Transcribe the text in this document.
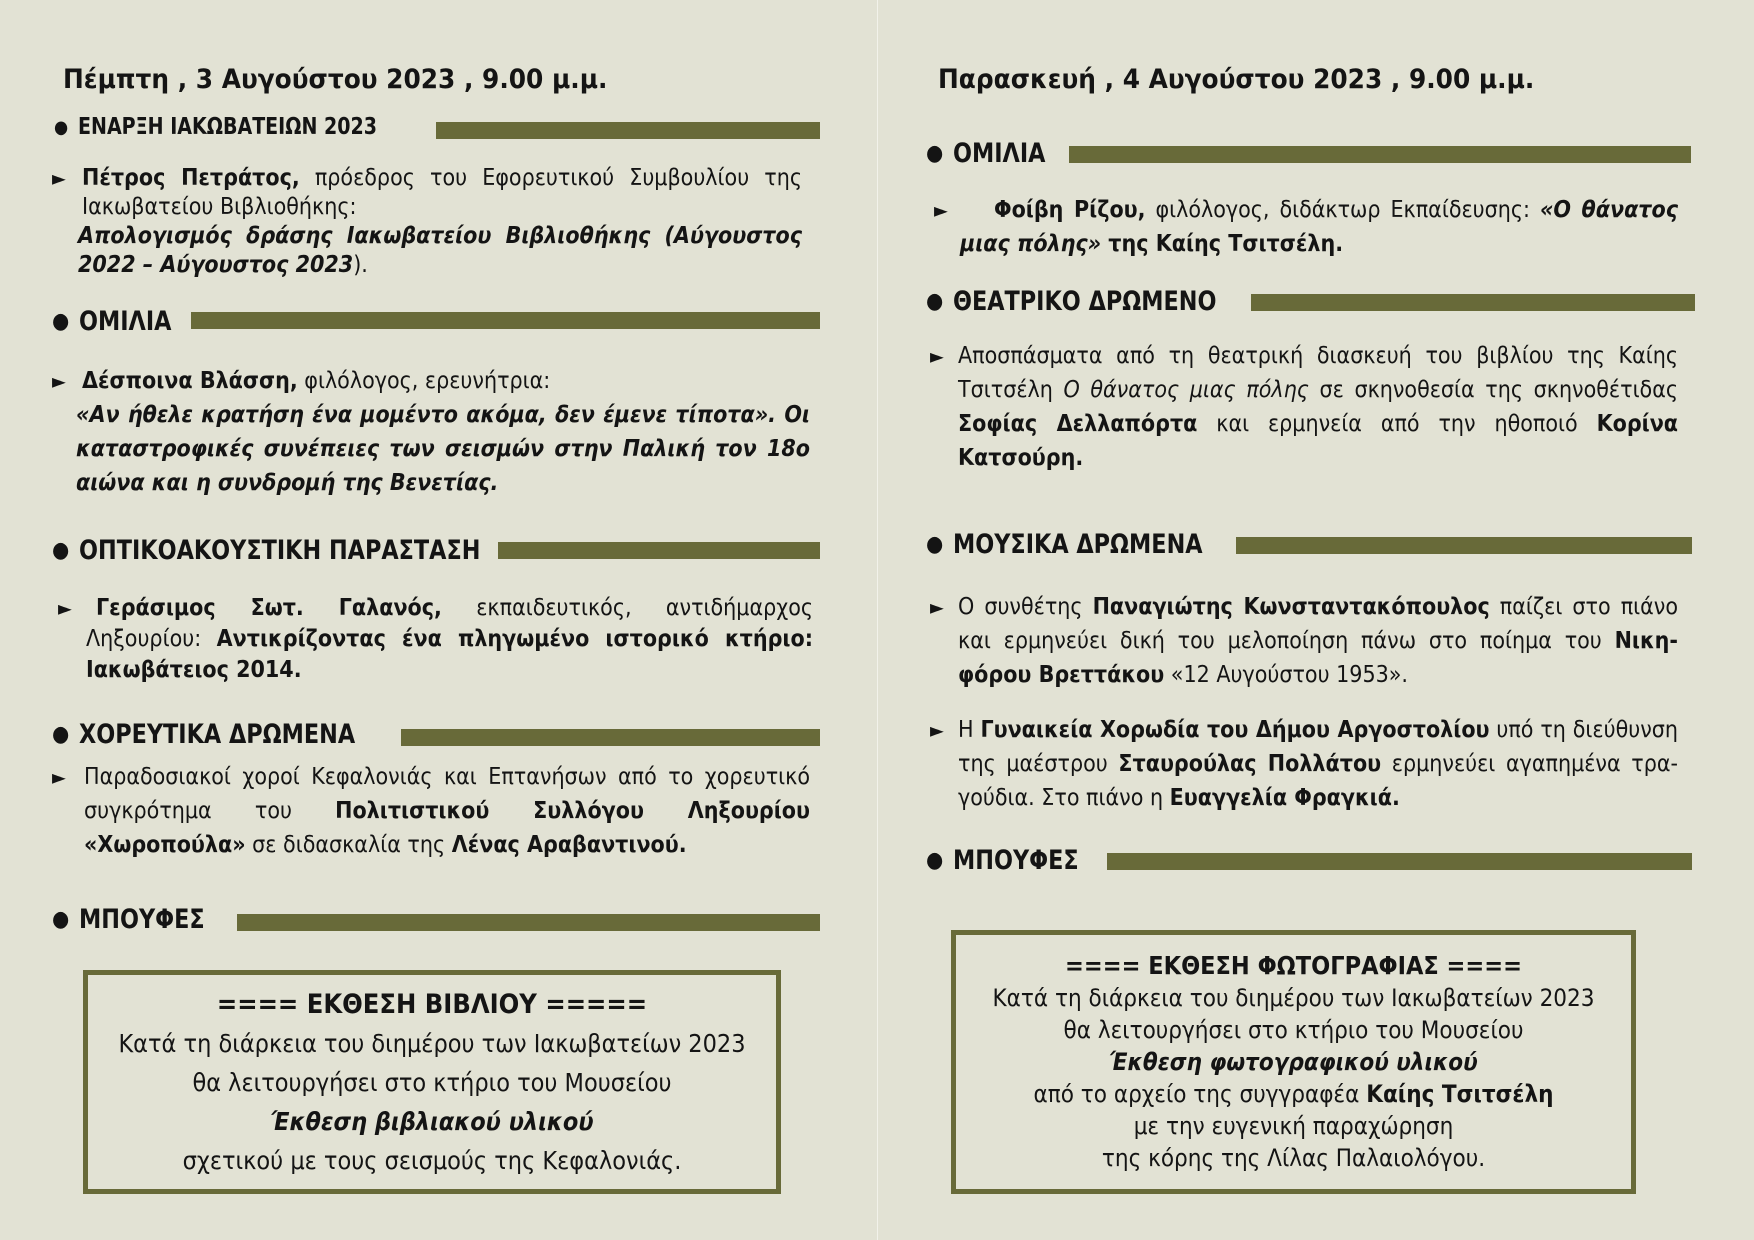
Πέμπτη , 3 Αυγούστου 2023 , 9.00 μ.μ.
● ΕΝΑΡΞΗ ΙΑΚΩΒΑΤΕΙΩΝ 2023
► Πέτρος Πετράτος, πρόεδρος του Εφορευτικού Συμβουλίου της Ιακωβατείου Βιβλιοθήκης:

Απολογισμός δράσης Ιακωβατείου Βιβλιοθήκης (Αύγουστος 2022 – Αύγουστος 2023).

● ΟΜΙΛΙΑ
► Δέσποινα Βλάσση, φιλόλογος, ερευνήτρια:

«Αν ήθελε κρατήση ένα μομέντο ακόμα, δεν έμενε τίποτα». Οι καταστροφικές συνέπειες των σεισμών στην Παλική τον 18ο αιώνα και η συνδρομή της Βενετίας.

● ΟΠΤΙΚΟΑΚΟΥΣΤΙΚΗ ΠΑΡΑΣΤΑΣΗ
►	Γεράσιμος Σωτ. Γαλανός, εκπαιδευτικός, αντιδήμαρχος Ληξουρίου: Αντικρίζοντας ένα πληγωμένο ιστορικό κτήριο: Ιακωβάτειος 2014.

● ΧΟΡΕΥΤΙΚΑ ΔΡΩΜΕΝΑ
► Παραδοσιακοί χοροί Κεφαλονιάς και Επτανήσων από το χορευτικό συγκρότημα του Πολιτιστικού Συλλόγου Ληξουρίου «Χωροπούλα» σε διδασκαλία της Λένας Αραβαντινού.

● ΜΠΟΥΦΕΣ
==== ΕΚΘΕΣΗ ΒΙΒΛΙΟΥ =====
Κατά τη διάρκεια του διημέρου των Ιακωβατείων 2023
θα λειτουργήσει στο κτήριο του Μουσείου
Έκθεση βιβλιακού υλικού
σχετικού με τους σεισμούς της Κεφαλονιάς.
Παρασκευή , 4 Αυγούστου 2023 , 9.00 μ.μ.
● ΟΜΙΛΙΑ
►	Φοίβη Ρίζου, φιλόλογος, διδάκτωρ Εκπαίδευσης: «Ο θάνατος μιας πόλης» της Καίης Τσιτσέλη.

● ΘΕΑΤΡΙΚΟ ΔΡΩΜΕΝΟ
► Αποσπάσματα από τη θεατρική διασκευή του βιβλίου της Καίης Τσιτσέλη Ο θάνατος μιας πόλης σε σκηνοθεσία της σκηνοθέτιδας Σοφίας Δελλαπόρτα και ερμηνεία από την ηθοποιό Κορίνα Κατσούρη.

● ΜΟΥΣΙΚΑ ΔΡΩΜΕΝΑ
► Ο συνθέτης Παναγιώτης Κωνσταντακόπουλος παίζει στο πιάνο και ερμηνεύει δική του μελοποίηση πάνω στο ποίημα του Νικηφόρου Βρεττάκου «12 Αυγούστου 1953».

► Η Γυναικεία Χορωδία του Δήμου Αργοστολίου υπό τη διεύθυνση της μαέστρου Σταυρούλας Πολλάτου ερμηνεύει αγαπημένα τραγούδια. Στο πιάνο η Ευαγγελία Φραγκιά.

● ΜΠΟΥΦΕΣ
==== ΕΚΘΕΣΗ ΦΩΤΟΓΡΑΦΙΑΣ ====
Κατά τη διάρκεια του διημέρου των Ιακωβατείων 2023
θα λειτουργήσει στο κτήριο του Μουσείου
Έκθεση φωτογραφικού υλικού
από το αρχείο της συγγραφέα Καίης Τσιτσέλη
με την ευγενική παραχώρηση
της κόρης της Λίλας Παλαιολόγου.
